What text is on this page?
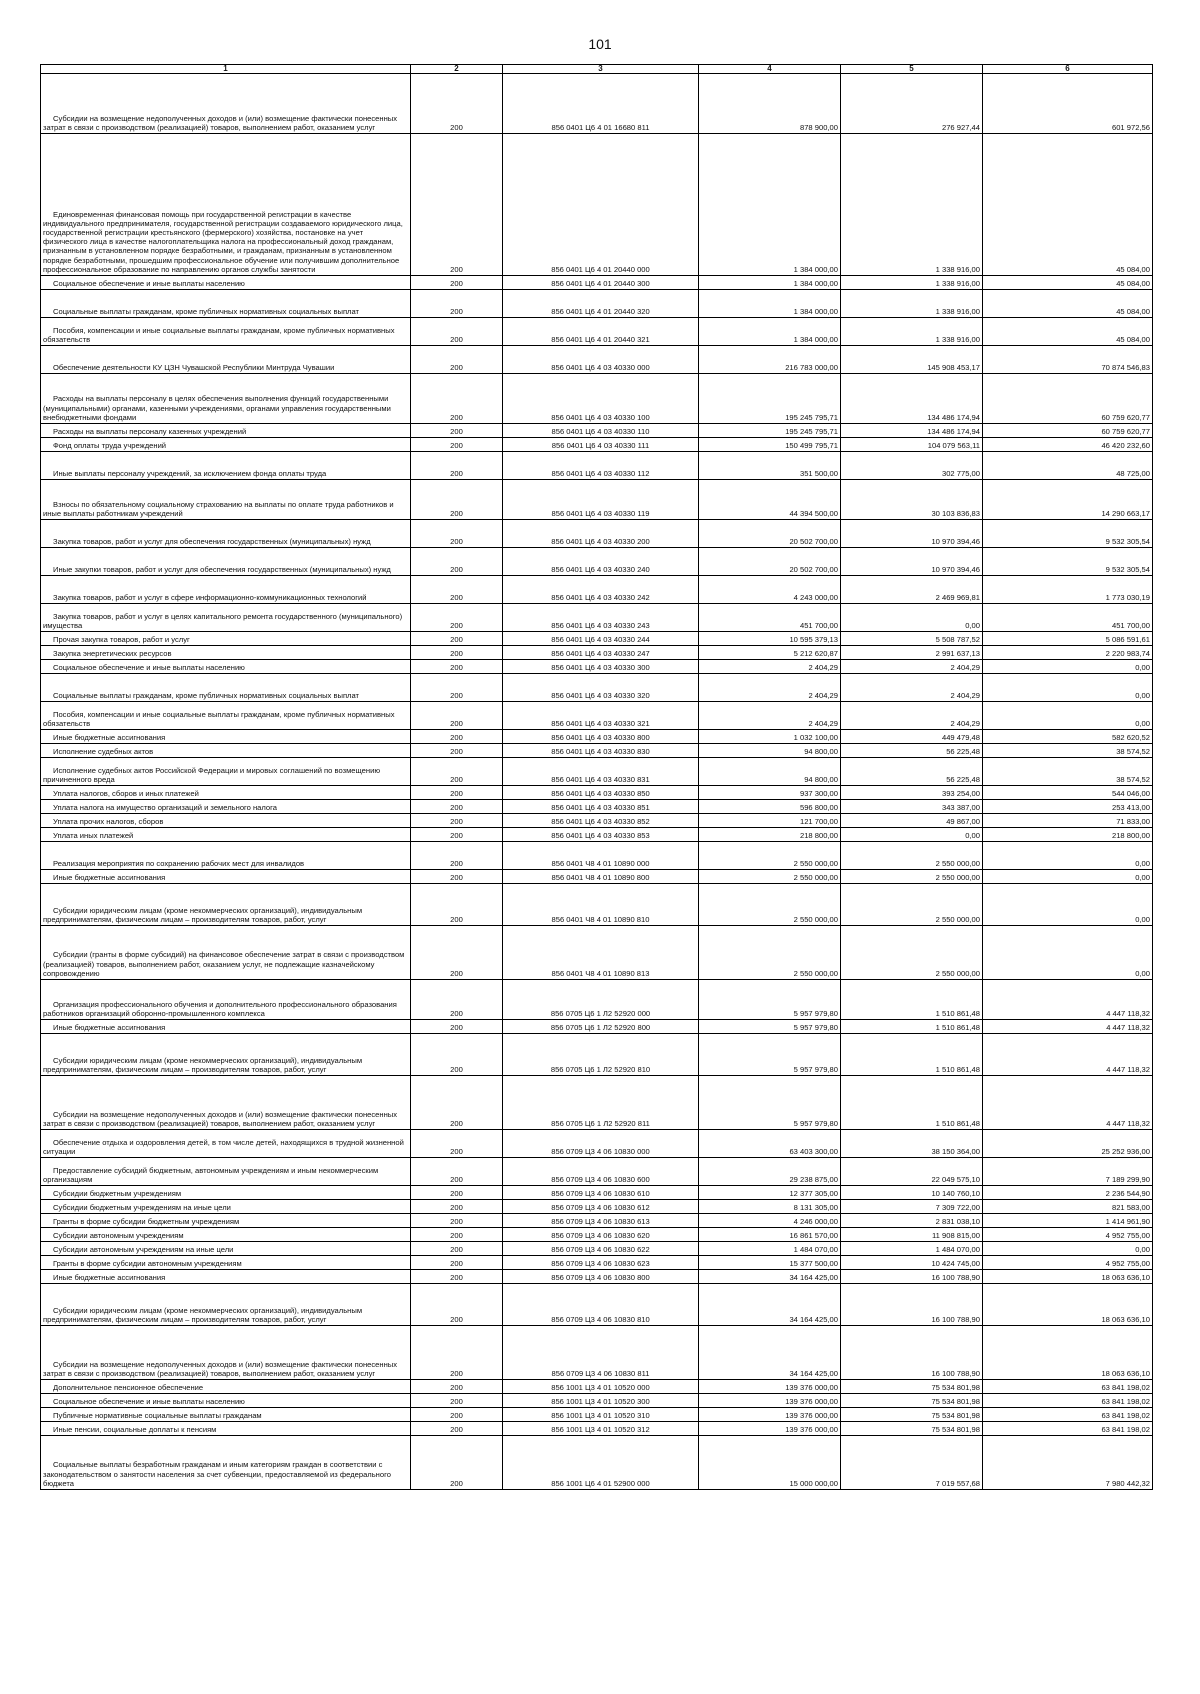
101
1	2	3	4	5	6
Субсидии на возмещение недополученных доходов и (или) возмещение фактически понесенных затрат в связи с производством (реализацией) товаров, выполнением работ, оказанием услуг	200	856 0401 Ц6 4 01 16680 811	878 900,00	276 927,44	601 972,56
Единовременная финансовая помощь при государственной регистрации в качестве индивидуального предпринимателя, государственной регистрации создаваемого юридического лица, государственной регистрации крестьянского (фермерского) хозяйства, постановке на учет физического лица в качестве налогоплательщика налога на профессиональный доход гражданам, признанным в установленном порядке безработными, и гражданам, признанным в установленном порядке безработными, прошедшим профессиональное обучение или получившим дополнительное профессиональное образование по направлению органов службы занятости	200	856 0401 Ц6 4 01 20440 000	1 384 000,00	1 338 916,00	45 084,00
Социальное обеспечение и иные выплаты населению	200	856 0401 Ц6 4 01 20440 300	1 384 000,00	1 338 916,00	45 084,00
Социальные выплаты гражданам, кроме публичных нормативных социальных выплат	200	856 0401 Ц6 4 01 20440 320	1 384 000,00	1 338 916,00	45 084,00
Пособия, компенсации и иные социальные выплаты гражданам, кроме публичных нормативных обязательств	200	856 0401 Ц6 4 01 20440 321	1 384 000,00	1 338 916,00	45 084,00
Обеспечение деятельности КУ ЦЗН Чувашской Республики Минтруда Чувашии	200	856 0401 Ц6 4 03 40330 000	216 783 000,00	145 908 453,17	70 874 546,83
Расходы на выплаты персоналу в целях обеспечения выполнения функций государственными (муниципальными) органами, казенными учреждениями, органами управления государственными внебюджетными фондами	200	856 0401 Ц6 4 03 40330 100	195 245 795,71	134 486 174,94	60 759 620,77
Расходы на выплаты персоналу казенных учреждений	200	856 0401 Ц6 4 03 40330 110	195 245 795,71	134 486 174,94	60 759 620,77
Фонд оплаты труда учреждений	200	856 0401 Ц6 4 03 40330 111	150 499 795,71	104 079 563,11	46 420 232,60
Иные выплаты персоналу учреждений, за исключением фонда оплаты труда	200	856 0401 Ц6 4 03 40330 112	351 500,00	302 775,00	48 725,00
Взносы по обязательному социальному страхованию на выплаты по оплате труда работников и иные выплаты работникам учреждений	200	856 0401 Ц6 4 03 40330 119	44 394 500,00	30 103 836,83	14 290 663,17
Закупка товаров, работ и услуг для обеспечения государственных (муниципальных) нужд	200	856 0401 Ц6 4 03 40330 200	20 502 700,00	10 970 394,46	9 532 305,54
Иные закупки товаров, работ и услуг для обеспечения государственных (муниципальных) нужд	200	856 0401 Ц6 4 03 40330 240	20 502 700,00	10 970 394,46	9 532 305,54
Закупка товаров, работ и услуг в сфере информационно-коммуникационных технологий	200	856 0401 Ц6 4 03 40330 242	4 243 000,00	2 469 969,81	1 773 030,19
Закупка товаров, работ и услуг в целях капитального ремонта государственного (муниципального) имущества	200	856 0401 Ц6 4 03 40330 243	451 700,00	0,00	451 700,00
Прочая закупка товаров, работ и услуг	200	856 0401 Ц6 4 03 40330 244	10 595 379,13	5 508 787,52	5 086 591,61
Закупка энергетических ресурсов	200	856 0401 Ц6 4 03 40330 247	5 212 620,87	2 991 637,13	2 220 983,74
Социальное обеспечение и иные выплаты населению	200	856 0401 Ц6 4 03 40330 300	2 404,29	2 404,29	0,00
Социальные выплаты гражданам, кроме публичных нормативных социальных выплат	200	856 0401 Ц6 4 03 40330 320	2 404,29	2 404,29	0,00
Пособия, компенсации и иные социальные выплаты гражданам, кроме публичных нормативных обязательств	200	856 0401 Ц6 4 03 40330 321	2 404,29	2 404,29	0,00
Иные бюджетные ассигнования	200	856 0401 Ц6 4 03 40330 800	1 032 100,00	449 479,48	582 620,52
Исполнение судебных актов	200	856 0401 Ц6 4 03 40330 830	94 800,00	56 225,48	38 574,52
Исполнение судебных актов Российской Федерации и мировых соглашений по возмещению причиненного вреда	200	856 0401 Ц6 4 03 40330 831	94 800,00	56 225,48	38 574,52
Уплата налогов, сборов и иных платежей	200	856 0401 Ц6 4 03 40330 850	937 300,00	393 254,00	544 046,00
Уплата налога на имущество организаций и земельного налога	200	856 0401 Ц6 4 03 40330 851	596 800,00	343 387,00	253 413,00
Уплата прочих налогов, сборов	200	856 0401 Ц6 4 03 40330 852	121 700,00	49 867,00	71 833,00
Уплата иных платежей	200	856 0401 Ц6 4 03 40330 853	218 800,00	0,00	218 800,00
Реализация мероприятия по сохранению рабочих мест для инвалидов	200	856 0401 Ч8 4 01 10890 000	2 550 000,00	2 550 000,00	0,00
Иные бюджетные ассигнования	200	856 0401 Ч8 4 01 10890 800	2 550 000,00	2 550 000,00	0,00
Субсидии юридическим лицам (кроме некоммерческих организаций), индивидуальным предпринимателям, физическим лицам – производителям товаров, работ, услуг	200	856 0401 Ч8 4 01 10890 810	2 550 000,00	2 550 000,00	0,00
Субсидии (гранты в форме субсидий) на финансовое обеспечение затрат в связи с производством (реализацией) товаров, выполнением работ, оказанием услуг, не подлежащие казначейскому сопровождению	200	856 0401 Ч8 4 01 10890 813	2 550 000,00	2 550 000,00	0,00
Организация профессионального обучения и дополнительного профессионального образования работников организаций оборонно-промышленного комплекса	200	856 0705 Ц6 1 Л2 52920 000	5 957 979,80	1 510 861,48	4 447 118,32
Иные бюджетные ассигнования	200	856 0705 Ц6 1 Л2 52920 800	5 957 979,80	1 510 861,48	4 447 118,32
Субсидии юридическим лицам (кроме некоммерческих организаций), индивидуальным предпринимателям, физическим лицам – производителям товаров, работ, услуг	200	856 0705 Ц6 1 Л2 52920 810	5 957 979,80	1 510 861,48	4 447 118,32
Субсидии на возмещение недополученных доходов и (или) возмещение фактически понесенных затрат в связи с производством (реализацией) товаров, выполнением работ, оказанием услуг	200	856 0705 Ц6 1 Л2 52920 811	5 957 979,80	1 510 861,48	4 447 118,32
Обеспечение отдыха и оздоровления детей, в том числе детей, находящихся в трудной жизненной ситуации	200	856 0709 Ц3 4 06 10830 000	63 403 300,00	38 150 364,00	25 252 936,00
Предоставление субсидий бюджетным, автономным учреждениям и иным некоммерческим организациям	200	856 0709 Ц3 4 06 10830 600	29 238 875,00	22 049 575,10	7 189 299,90
Субсидии бюджетным учреждениям	200	856 0709 Ц3 4 06 10830 610	12 377 305,00	10 140 760,10	2 236 544,90
Субсидии бюджетным учреждениям на иные цели	200	856 0709 Ц3 4 06 10830 612	8 131 305,00	7 309 722,00	821 583,00
Гранты в форме субсидии бюджетным учреждениям	200	856 0709 Ц3 4 06 10830 613	4 246 000,00	2 831 038,10	1 414 961,90
Субсидии автономным учреждениям	200	856 0709 Ц3 4 06 10830 620	16 861 570,00	11 908 815,00	4 952 755,00
Субсидии автономным учреждениям на иные цели	200	856 0709 Ц3 4 06 10830 622	1 484 070,00	1 484 070,00	0,00
Гранты в форме субсидии автономным учреждениям	200	856 0709 Ц3 4 06 10830 623	15 377 500,00	10 424 745,00	4 952 755,00
Иные бюджетные ассигнования	200	856 0709 Ц3 4 06 10830 800	34 164 425,00	16 100 788,90	18 063 636,10
Субсидии юридическим лицам (кроме некоммерческих организаций), индивидуальным предпринимателям, физическим лицам – производителям товаров, работ, услуг	200	856 0709 Ц3 4 06 10830 810	34 164 425,00	16 100 788,90	18 063 636,10
Субсидии на возмещение недополученных доходов и (или) возмещение фактически понесенных затрат в связи с производством (реализацией) товаров, выполнением работ, оказанием услуг	200	856 0709 Ц3 4 06 10830 811	34 164 425,00	16 100 788,90	18 063 636,10
Дополнительное пенсионное обеспечение	200	856 1001 Ц3 4 01 10520 000	139 376 000,00	75 534 801,98	63 841 198,02
Социальное обеспечение и иные выплаты населению	200	856 1001 Ц3 4 01 10520 300	139 376 000,00	75 534 801,98	63 841 198,02
Публичные нормативные социальные выплаты гражданам	200	856 1001 Ц3 4 01 10520 310	139 376 000,00	75 534 801,98	63 841 198,02
Иные пенсии, социальные доплаты к пенсиям	200	856 1001 Ц3 4 01 10520 312	139 376 000,00	75 534 801,98	63 841 198,02
Социальные выплаты безработным гражданам и иным категориям граждан в соответствии с законодательством о занятости населения за счет субвенции, предоставляемой из федерального бюджета	200	856 1001 Ц6 4 01 52900 000	15 000 000,00	7 019 557,68	7 980 442,32
